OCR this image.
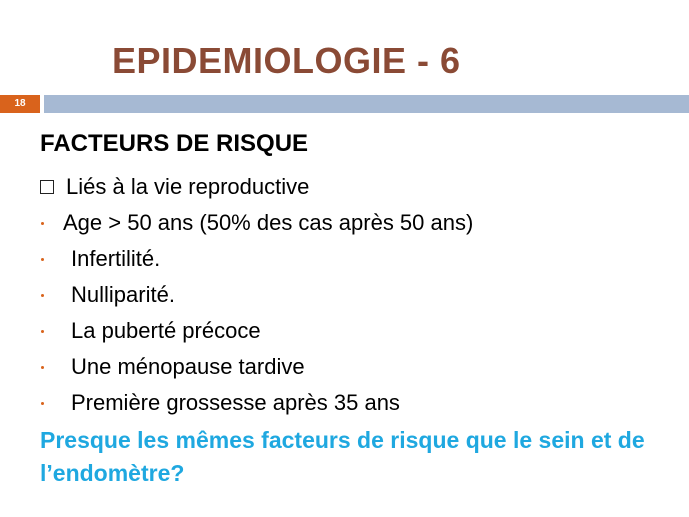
EPIDEMIOLOGIE - 6
18
FACTEURS DE RISQUE
Liés à la vie reproductive
Age > 50 ans (50% des cas après 50 ans)
Infertilité.
Nulliparité.
La puberté précoce
Une ménopause tardive
Première grossesse après 35 ans
Presque les mêmes facteurs de risque que le sein et de l’endomètre?
